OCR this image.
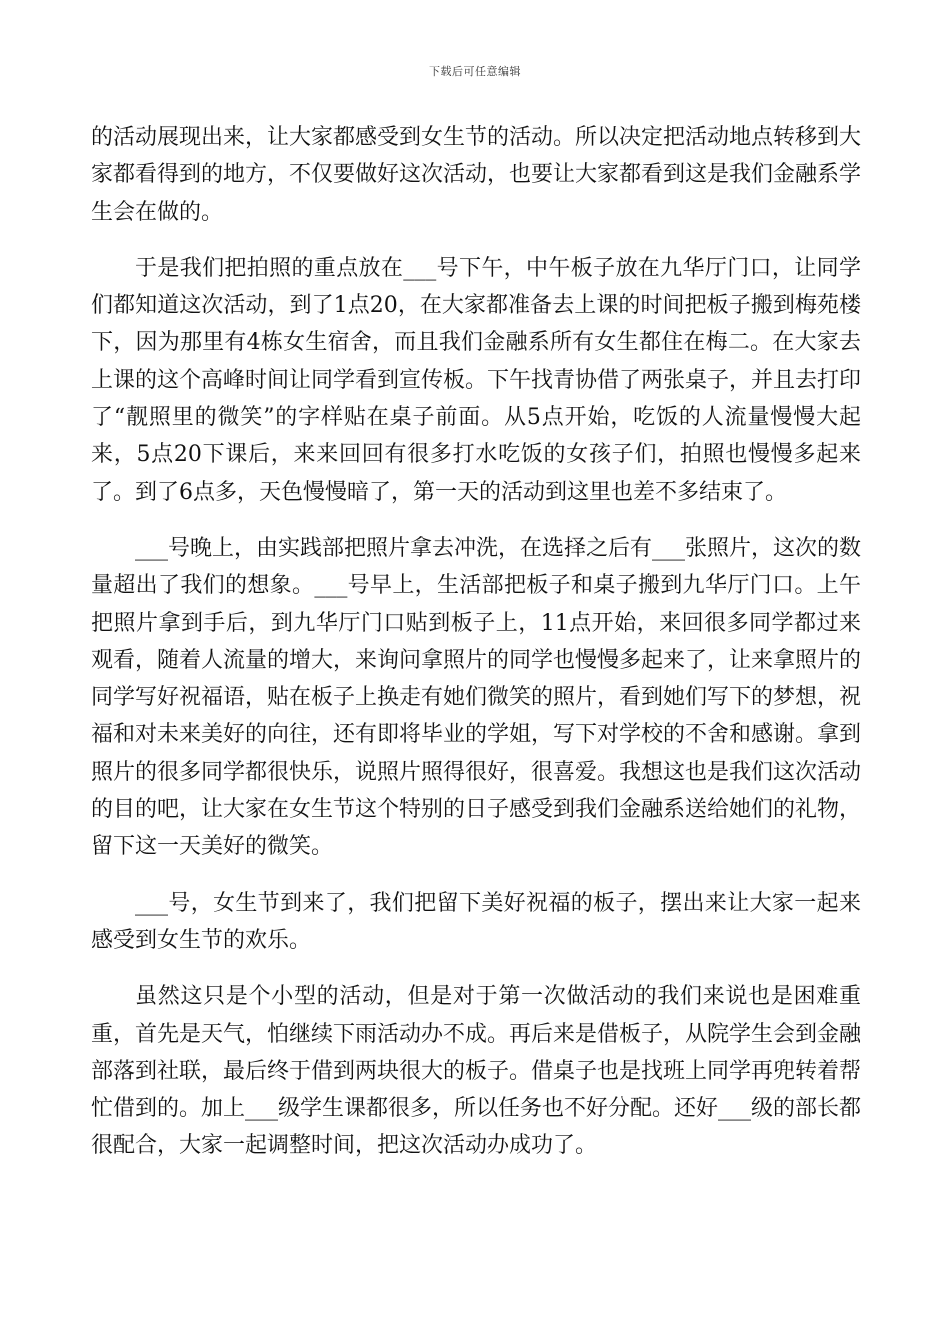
下载后可任意编辑

的活动展现出来，让大家都感受到女生节的活动。所以决定把活动地点转移到大家都看得到的地方，不仅要做好这次活动，也要让大家都看到这是我们金融系学生会在做的。

于是我们把拍照的重点放在___号下午，中午板子放在九华厅门口，让同学们都知道这次活动，到了1点20，在大家都准备去上课的时间把板子搬到梅苑楼下，因为那里有4栋女生宿舍，而且我们金融系所有女生都住在梅二。在大家去上课的这个高峰时间让同学看到宣传板。下午找青协借了两张桌子，并且去打印了“靓照里的微笑”的字样贴在桌子前面。从5点开始，吃饭的人流量慢慢大起来，5点20下课后，来来回回有很多打水吃饭的女孩子们，拍照也慢慢多起来了。到了6点多，天色慢慢暗了，第一天的活动到这里也差不多结束了。

___号晚上，由实践部把照片拿去冲洗，在选择之后有___张照片，这次的数量超出了我们的想象。___号早上，生活部把板子和桌子搬到九华厅门口。上午把照片拿到手后，到九华厅门口贴到板子上，11点开始，来回很多同学都过来观看，随着人流量的增大，来询问拿照片的同学也慢慢多起来了，让来拿照片的同学写好祝福语，贴在板子上换走有她们微笑的照片，看到她们写下的梦想，祝福和对未来美好的向往，还有即将毕业的学姐，写下对学校的不舍和感谢。拿到照片的很多同学都很快乐，说照片照得很好，很喜爱。我想这也是我们这次活动的目的吧，让大家在女生节这个特别的日子感受到我们金融系送给她们的礼物，留下这一天美好的微笑。

___号，女生节到来了，我们把留下美好祝福的板子，摆出来让大家一起来感受到女生节的欢乐。

虽然这只是个小型的活动，但是对于第一次做活动的我们来说也是困难重重，首先是天气，怕继续下雨活动办不成。再后来是借板子，从院学生会到金融部落到社联，最后终于借到两块很大的板子。借桌子也是找班上同学再兜转着帮忙借到的。加上___级学生课都很多，所以任务也不好分配。还好___级的部长都很配合，大家一起调整时间，把这次活动办成功了。
